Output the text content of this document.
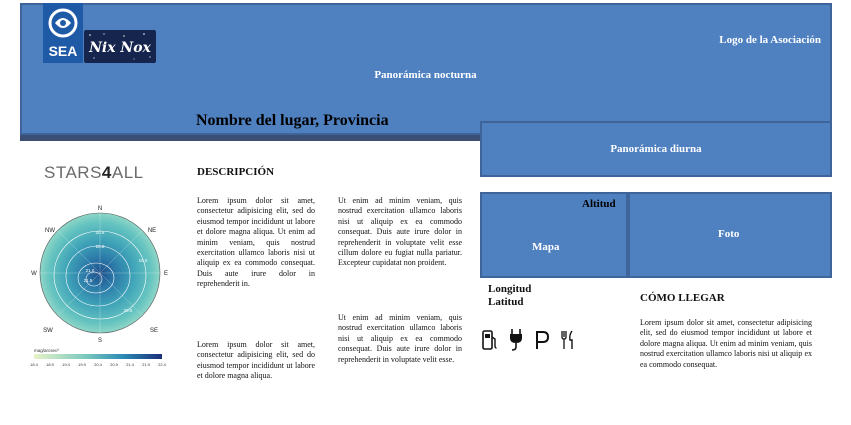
SEA Nix Nox	Logo de la Asociación
Panorámica nocturna
Nombre del lugar, Provincia
Panorámica diurna
STARS4ALL
N
S
E
W
NW	NE
SW	SE
20.5
20.0
21.0
21.5
19.5
20.0
mag/arcsec²
18.4 18.9 19.4 19.9 20.4 20.9 21.4 21.9 22.4
DESCRIPCIÓN
Lorem ipsum dolor sit amet, consectetur adipisicing elit, sed do eiusmod tempor incididunt ut labore et dolore magna aliqua. Ut enim ad minim veniam, quis nostrud exercitation ullamco laboris nisi ut aliquip ex ea commodo consequat. Duis aute irure dolor in reprehenderit in.
Lorem ipsum dolor sit amet, consectetur adipisicing elit, sed do eiusmod tempor incididunt ut labore et dolore magna aliqua.
Ut enim ad minim veniam, quis nostrud exercitation ullamco laboris nisi ut aliquip ex ea commodo consequat. Duis aute irure dolor in reprehenderit in voluptate velit esse cillum dolore eu fugiat nulla pariatur. Excepteur cupidatat non proident.
Ut enim ad minim veniam, quis nostrud exercitation ullamco laboris nisi ut aliquip ex ea commodo consequat. Duis aute irure dolor in reprehenderit in voluptate velit esse.
Mapa
Altitud
Foto
Longitud
Latitud	CÓMO LLEGAR
Lorem ipsum dolor sit amet, consectetur adipisicing elit, sed do eiusmod tempor incididunt ut labore et dolore magna aliqua. Ut enim ad minim veniam, quis nostrud exercitation ullamco laboris nisi ut aliquip ex ea commodo consequat.
